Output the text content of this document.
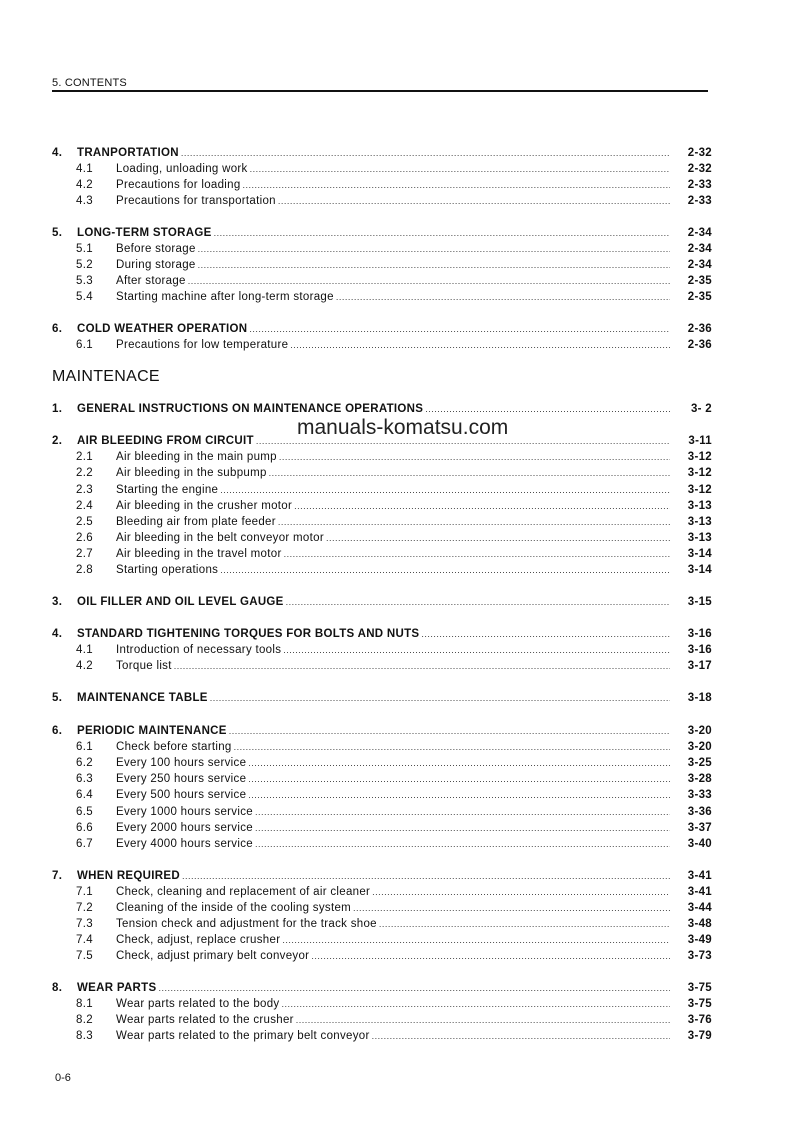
5. CONTENTS
MAINTENACE
manuals-komatsu.com
4.	TRANPORTATION .....	2-32
4.1	Loading, unloading work .....	2-32
4.2	Precautions for loading .....	2-33
4.3	Precautions for transportation .....	2-33
5.	LONG-TERM STORAGE .....	2-34
5.1	Before storage .....	2-34
5.2	During storage .....	2-34
5.3	After storage .....	2-35
5.4	Starting machine after long-term storage .....	2-35
6.	COLD WEATHER OPERATION .....	2-36
6.1	Precautions for low temperature .....	2-36
1.	GENERAL INSTRUCTIONS ON MAINTENANCE OPERATIONS .....	3- 2
2.	AIR BLEEDING FROM CIRCUIT .....	3-11
2.1	Air bleeding in the main pump .....	3-12
2.2	Air bleeding in the subpump .....	3-12
2.3	Starting the engine .....	3-12
2.4	Air bleeding in the crusher motor .....	3-13
2.5	Bleeding air from plate feeder .....	3-13
2.6	Air bleeding in the belt conveyor motor .....	3-13
2.7	Air bleeding in the travel motor .....	3-14
2.8	Starting operations .....	3-14
3.	OIL FILLER AND OIL LEVEL GAUGE .....	3-15
4.	STANDARD TIGHTENING TORQUES FOR BOLTS AND NUTS .....	3-16
4.1	Introduction of necessary tools .....	3-16
4.2	Torque list .....	3-17
5.	MAINTENANCE TABLE .....	3-18
6.	PERIODIC MAINTENANCE .....	3-20
6.1	Check before starting .....	3-20
6.2	Every 100 hours service .....	3-25
6.3	Every 250 hours service .....	3-28
6.4	Every 500 hours service .....	3-33
6.5	Every 1000 hours service .....	3-36
6.6	Every 2000 hours service .....	3-37
6.7	Every 4000 hours service .....	3-40
7.	WHEN REQUIRED .....	3-41
7.1	Check, cleaning and replacement of air cleaner .....	3-41
7.2	Cleaning of the inside of the cooling system .....	3-44
7.3	Tension check and adjustment for the track shoe .....	3-48
7.4	Check, adjust, replace crusher .....	3-49
7.5	Check, adjust primary belt conveyor .....	3-73
8.	WEAR PARTS .....	3-75
8.1	Wear parts related to the body .....	3-75
8.2	Wear parts related to the crusher .....	3-76
8.3	Wear parts related to the primary belt conveyor .....	3-79
0-6
